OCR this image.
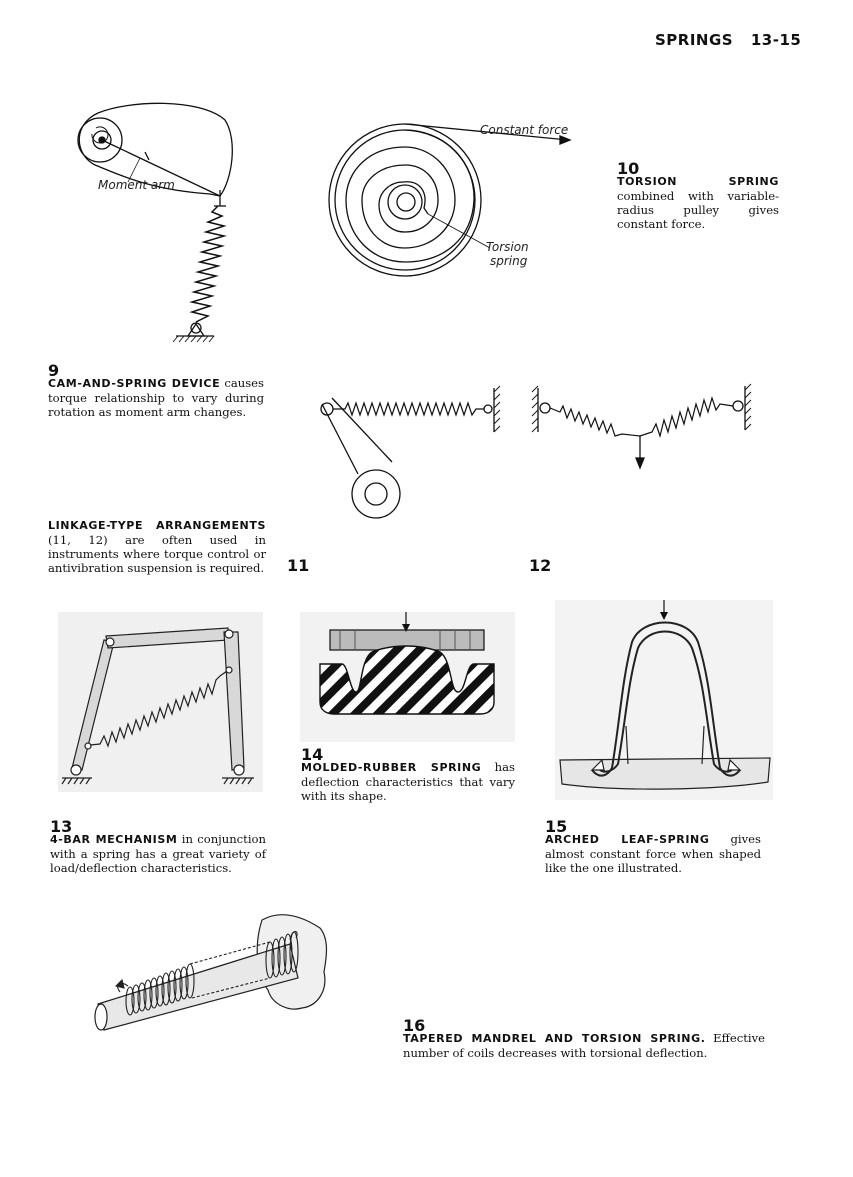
SPRINGS 13-15
Moment arm
9
CAM-AND-SPRING DEVICE causes torque relationship to vary during rotation as moment arm changes.
Constant force
Torsion
spring
10
TORSION SPRING combined with variable-radius pulley gives constant force.
LINKAGE-TYPE ARRANGEMENTS (11, 12) are often used in instruments where torque control or antivibration suspension is required. 11	12
13
4-BAR MECHANISM in conjunction with a spring has a great variety of load/deflection characteristics.
14
MOLDED-RUBBER SPRING has deflection characteristics that vary with its shape.
15
ARCHED LEAF-SPRING gives almost constant force when shaped like the one illustrated.
16
TAPERED MANDREL AND TORSION SPRING. Effective number of coils decreases with torsional deflection.
